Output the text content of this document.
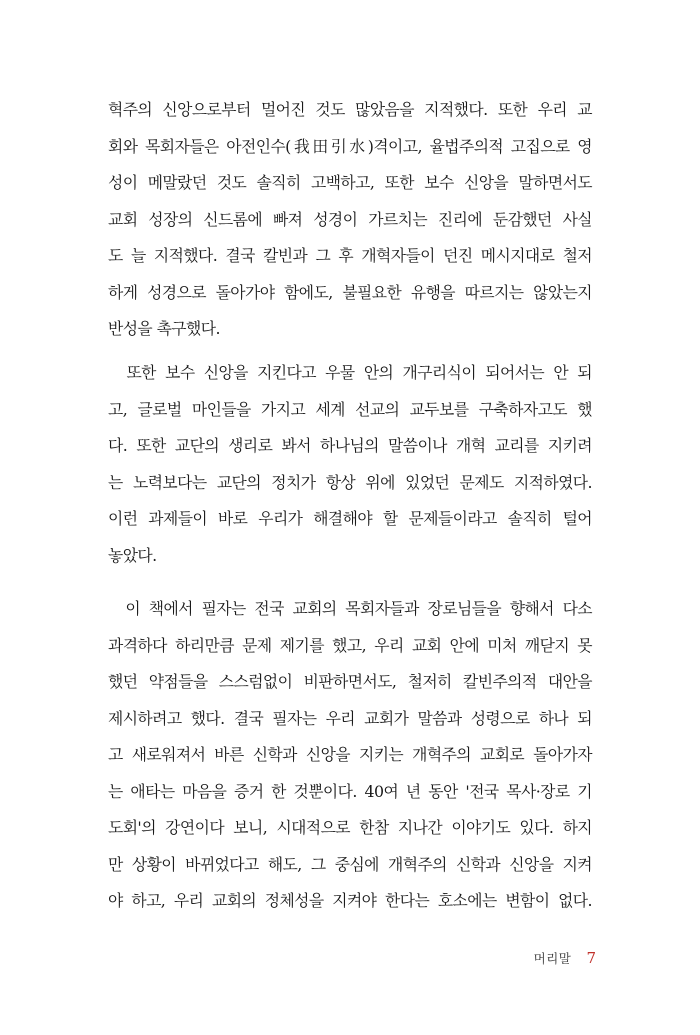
혁주의 신앙으로부터 멀어진 것도 많았음을 지적했다. 또한 우리 교
회와 목회자들은 아전인수(我田引水)격이고, 율법주의적 고집으로 영
성이 메말랐던 것도 솔직히 고백하고, 또한 보수 신앙을 말하면서도
교회 성장의 신드롬에 빠져 성경이 가르치는 진리에 둔감했던 사실
도 늘 지적했다. 결국 칼빈과 그 후 개혁자들이 던진 메시지대로 철저
하게 성경으로 돌아가야 함에도, 불필요한 유행을 따르지는 않았는지
반성을 촉구했다.
또한 보수 신앙을 지킨다고 우물 안의 개구리식이 되어서는 안 되
고, 글로벌 마인들을 가지고 세계 선교의 교두보를 구축하자고도 했
다. 또한 교단의 생리로 봐서 하나님의 말씀이나 개혁 교리를 지키려
는 노력보다는 교단의 정치가 항상 위에 있었던 문제도 지적하였다.
이런 과제들이 바로 우리가 해결해야 할 문제들이라고 솔직히 털어
놓았다.
이 책에서 필자는 전국 교회의 목회자들과 장로님들을 향해서 다소
과격하다 하리만큼 문제 제기를 했고, 우리 교회 안에 미처 깨닫지 못
했던 약점들을 스스럼없이 비판하면서도, 철저히 칼빈주의적 대안을
제시하려고 했다. 결국 필자는 우리 교회가 말씀과 성령으로 하나 되
고 새로워져서 바른 신학과 신앙을 지키는 개혁주의 교회로 돌아가자
는 애타는 마음을 증거 한 것뿐이다. 40여 년 동안 '전국 목사·장로 기
도회'의 강연이다 보니, 시대적으로 한참 지나간 이야기도 있다. 하지
만 상황이 바뀌었다고 해도, 그 중심에 개혁주의 신학과 신앙을 지켜
야 하고, 우리 교회의 정체성을 지켜야 한다는 호소에는 변함이 없다.
머리말 7
